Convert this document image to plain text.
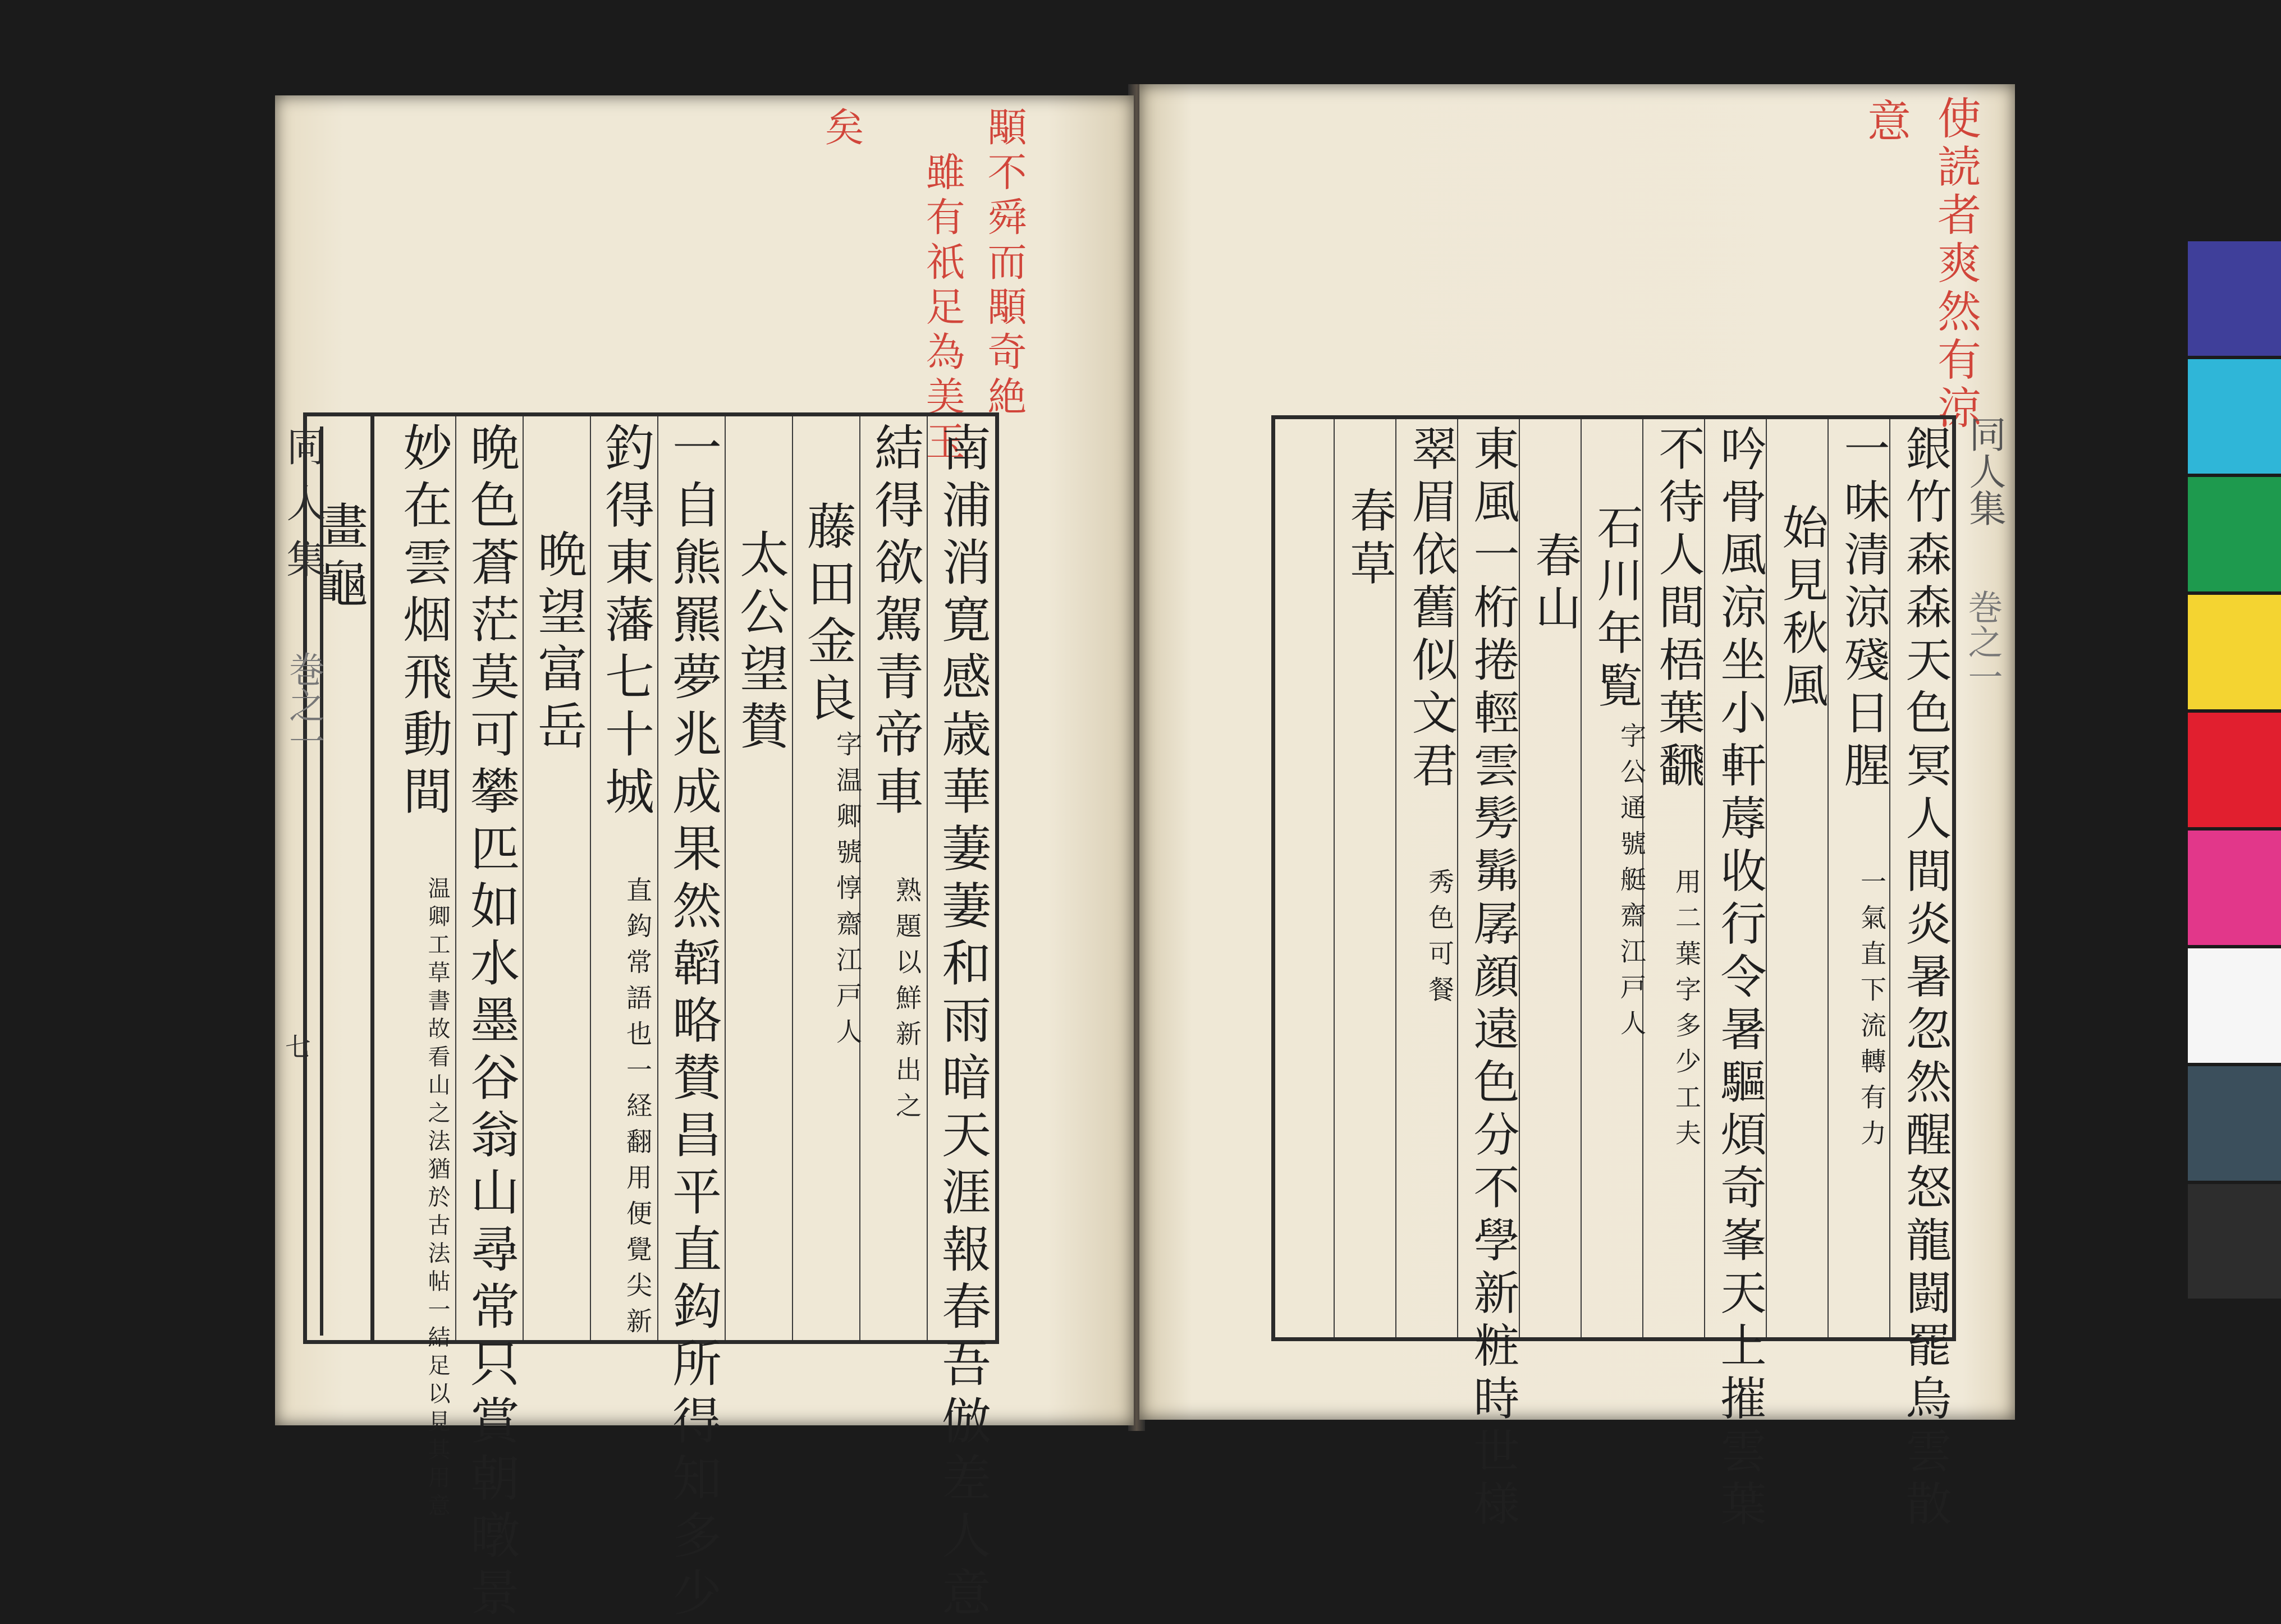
顒不舜而顒奇絶
雖有祇足為美玉
矣
同人集	南浦消寛感歳華萋萋和雨暗天涯報春吾倣差人意
結得欲駕青帝車
熟題以鮮新出之
藤田金良
字温卿號惇齋江戸人
太公望賛
一自熊羆夢兆成果然韜略賛昌平直鈎所得知多少
釣得東藩七十城
直鈎常語也一経翻用便覺尖新
晩望富岳
晩色蒼茫莫可攀匹如水墨谷翁山尋常只賞朝暾景
妙在雲烟飛動間
温卿工草書故看山之法猶於古法帖一結足以見其用意
畫龜
巻之一
七
使読者爽然有涼
意
銀竹森森天色冥人間炎暑忽然醒怒龍闘罷烏雲散
一味清涼殘日腥
一氣直下流轉有力
始見秋風
吟骨風涼坐小軒蓐收行令暑驅煩奇峯天上摧雲葉
不待人間梧葉飜
用二葉字多少工夫
石川年覧
字公通號艇齋江戸人
春山
東風一桁捲輕雲髣髴孱顔遠色分不學新粧時世様
翠眉依舊似文君
秀色可餐
春草
同人集
巻之一
